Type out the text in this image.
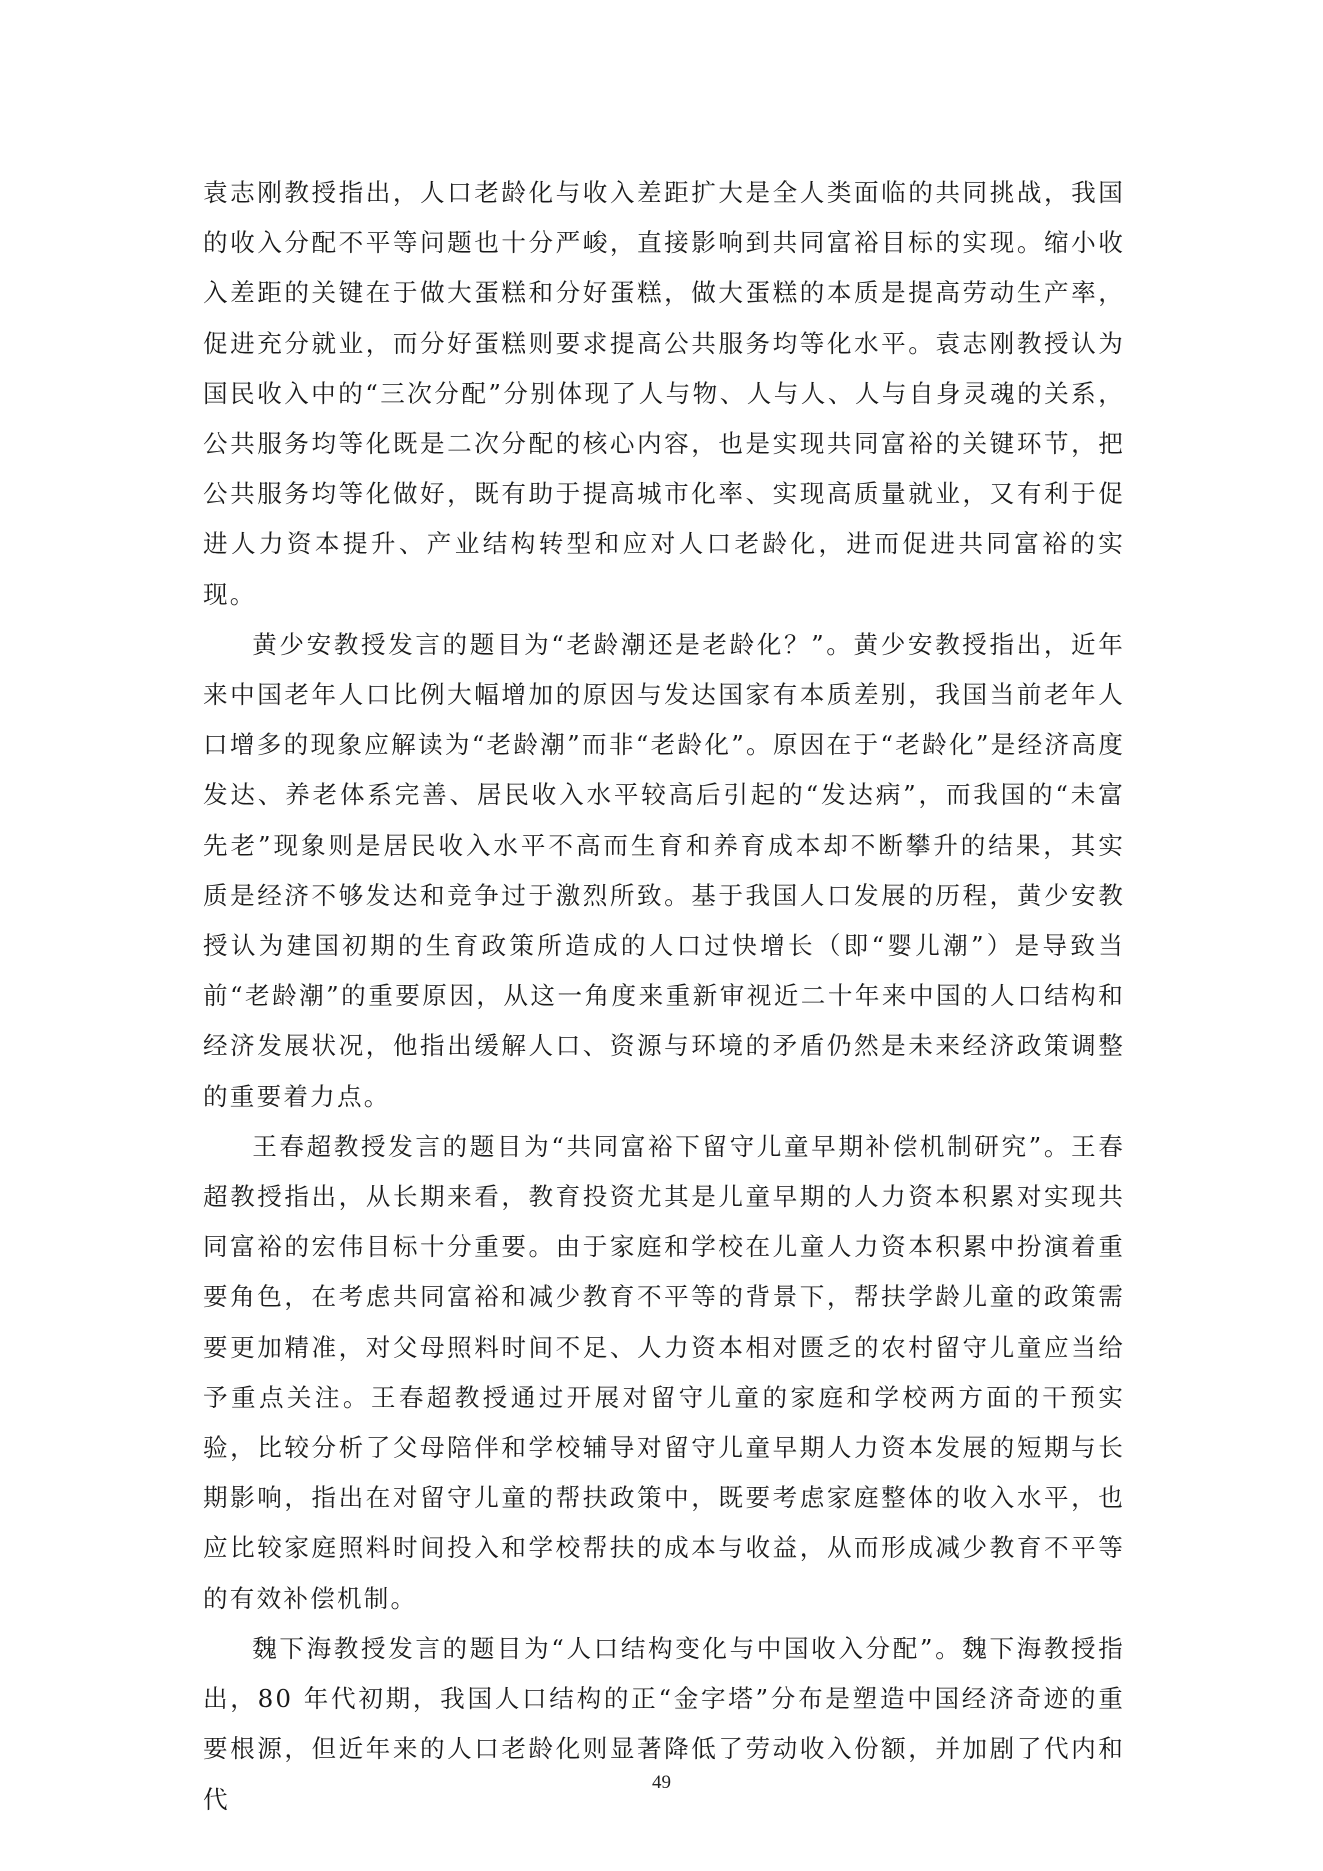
袁志刚教授指出，人口老龄化与收入差距扩大是全人类面临的共同挑战，我国的收入分配不平等问题也十分严峻，直接影响到共同富裕目标的实现。缩小收入差距的关键在于做大蛋糕和分好蛋糕，做大蛋糕的本质是提高劳动生产率，促进充分就业，而分好蛋糕则要求提高公共服务均等化水平。袁志刚教授认为国民收入中的“三次分配”分别体现了人与物、人与人、人与自身灵魂的关系，公共服务均等化既是二次分配的核心内容，也是实现共同富裕的关键环节，把公共服务均等化做好，既有助于提高城市化率、实现高质量就业，又有利于促进人力资本提升、产业结构转型和应对人口老龄化，进而促进共同富裕的实现。

黄少安教授发言的题目为“老龄潮还是老龄化？”。黄少安教授指出，近年来中国老年人口比例大幅增加的原因与发达国家有本质差别，我国当前老年人口增多的现象应解读为“老龄潮”而非“老龄化”。原因在于“老龄化”是经济高度发达、养老体系完善、居民收入水平较高后引起的“发达病”，而我国的“未富先老”现象则是居民收入水平不高而生育和养育成本却不断攀升的结果，其实质是经济不够发达和竞争过于激烈所致。基于我国人口发展的历程，黄少安教授认为建国初期的生育政策所造成的人口过快增长（即“婴儿潮”）是导致当前“老龄潮”的重要原因，从这一角度来重新审视近二十年来中国的人口结构和经济发展状况，他指出缓解人口、资源与环境的矛盾仍然是未来经济政策调整的重要着力点。

王春超教授发言的题目为“共同富裕下留守儿童早期补偿机制研究”。王春超教授指出，从长期来看，教育投资尤其是儿童早期的人力资本积累对实现共同富裕的宏伟目标十分重要。由于家庭和学校在儿童人力资本积累中扮演着重要角色，在考虑共同富裕和减少教育不平等的背景下，帮扶学龄儿童的政策需要更加精准，对父母照料时间不足、人力资本相对匮乏的农村留守儿童应当给予重点关注。王春超教授通过开展对留守儿童的家庭和学校两方面的干预实验，比较分析了父母陪伴和学校辅导对留守儿童早期人力资本发展的短期与长期影响，指出在对留守儿童的帮扶政策中，既要考虑家庭整体的收入水平，也应比较家庭照料时间投入和学校帮扶的成本与收益，从而形成减少教育不平等的有效补偿机制。

魏下海教授发言的题目为“人口结构变化与中国收入分配”。魏下海教授指出，80 年代初期，我国人口结构的正“金字塔”分布是塑造中国经济奇迹的重要根源，但近年来的人口老龄化则显著降低了劳动收入份额，并加剧了代内和代

49
